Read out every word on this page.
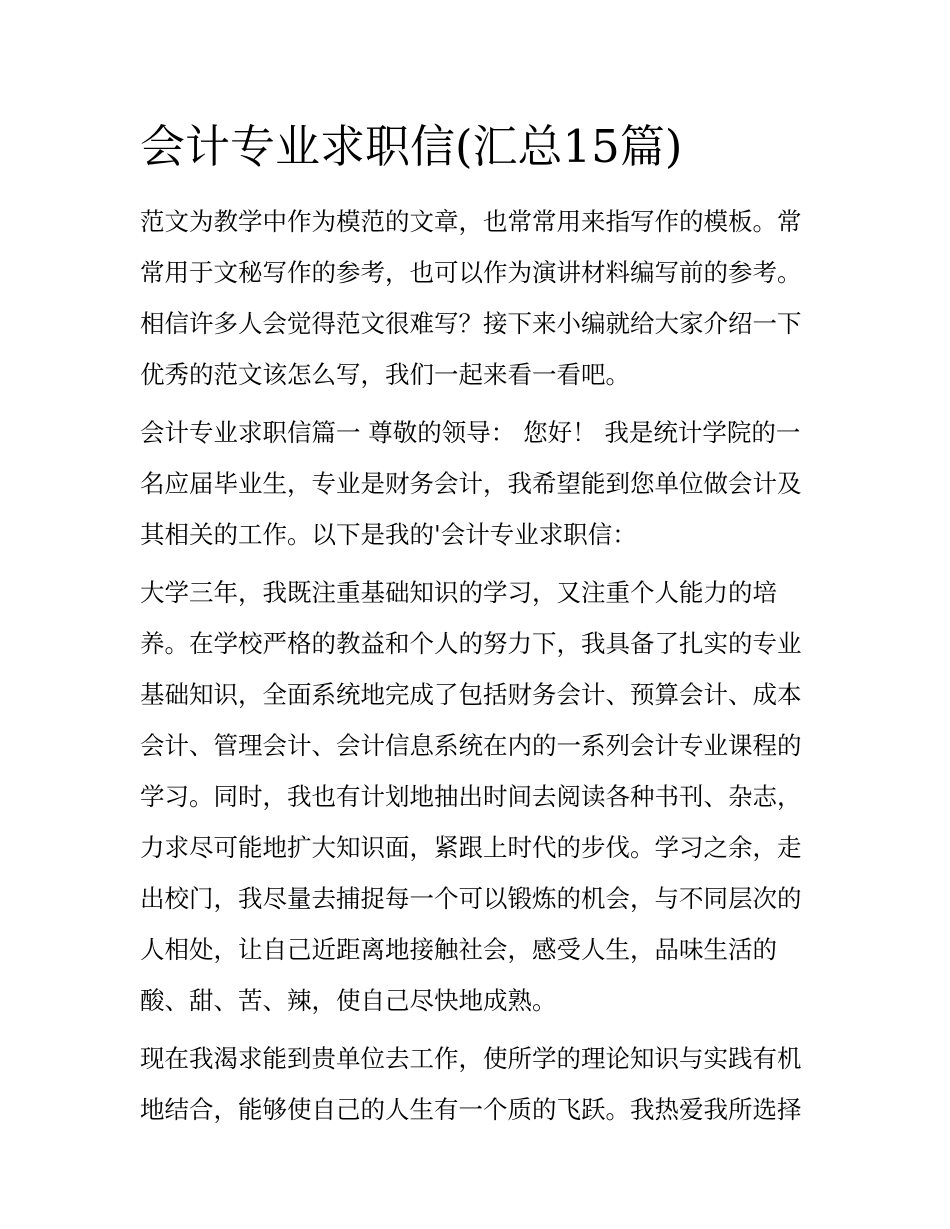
会计专业求职信(汇总15篇)
范文为教学中作为模范的文章，也常常用来指写作的模板。常
常用于文秘写作的参考，也可以作为演讲材料编写前的参考。
相信许多人会觉得范文很难写？接下来小编就给大家介绍一下
优秀的范文该怎么写，我们一起来看一看吧。
会计专业求职信篇一 尊敬的领导： 您好！ 我是统计学院的一
名应届毕业生，专业是财务会计，我希望能到您单位做会计及
其相关的工作。以下是我的'会计专业求职信：
大学三年，我既注重基础知识的学习，又注重个人能力的培
养。在学校严格的教益和个人的努力下，我具备了扎实的专业
基础知识，全面系统地完成了包括财务会计、预算会计、成本
会计、管理会计、会计信息系统在内的一系列会计专业课程的
学习。同时，我也有计划地抽出时间去阅读各种书刊、杂志，
力求尽可能地扩大知识面，紧跟上时代的步伐。学习之余，走
出校门，我尽量去捕捉每一个可以锻炼的机会，与不同层次的
人相处，让自己近距离地接触社会，感受人生，品味生活的
酸、甜、苦、辣，使自己尽快地成熟。
现在我渴求能到贵单位去工作，使所学的理论知识与实践有机
地结合，能够使自己的人生有一个质的飞跃。我热爱我所选择
